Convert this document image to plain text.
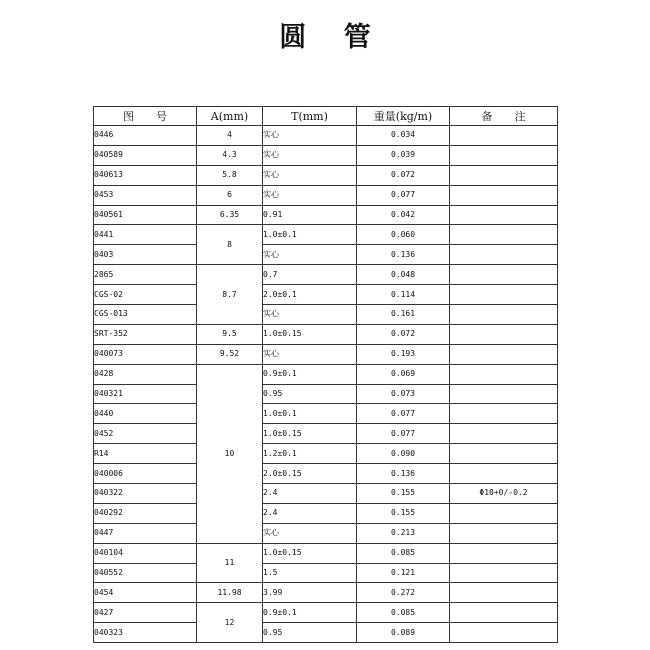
圆 管
图　　号	A(mm)	T(mm)	重量(kg/m)	备　　注
0446	4	实心	0.034	
040589	4.3	实心	0.039	
040613	5.8	实心	0.072	
0453	6	实心	0.077	
040561	6.35	0.91	0.042	
0441	8	1.0±0.1	0.060	
0403		实心	0.136	
2865	8.7	0.7	0.048	
CGS-02		2.0±0.1	0.114	
CGS-013		实心	0.161	
SRT-352	9.5	1.0±0.15	0.072	
040073	9.52	实心	0.193	
0428	10	0.9±0.1	0.069	
040321		0.95	0.073	
0440		1.0±0.1	0.077	
0452		1.0±0.15	0.077	
R14		1.2±0.1	0.090	
040006		2.0±0.15	0.136	
040322		2.4	0.155	Φ10+0/-0.2
040292		2.4	0.155	
0447		实心	0.213	
040104	11	1.0±0.15	0.085	
040552		1.5	0.121	
0454	11.98	3.99	0.272	
0427	12	0.9±0.1	0.085	
040323		0.95	0.089	
